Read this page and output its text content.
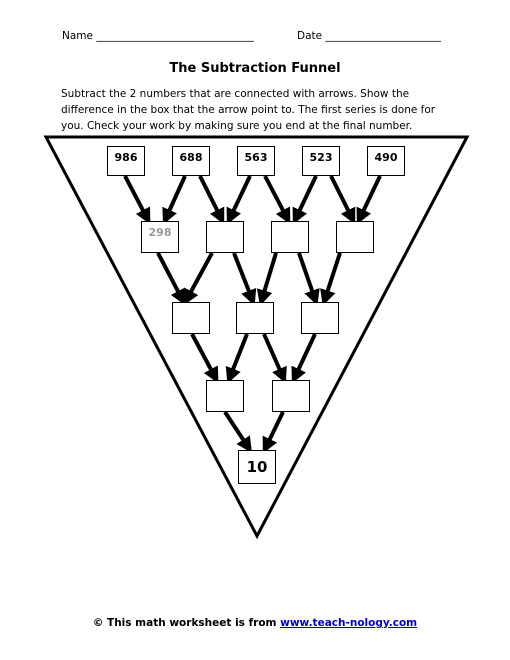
Name ______________________________	Date ______________________
The Subtraction Funnel
Subtract the 2 numbers that are connected with arrows. Show the difference in the box that the arrow point to. The first series is done for you. Check your work by making sure you end at the final number.
986	688	563	523	490
298
10
© This math worksheet is from www.teach-nology.com
